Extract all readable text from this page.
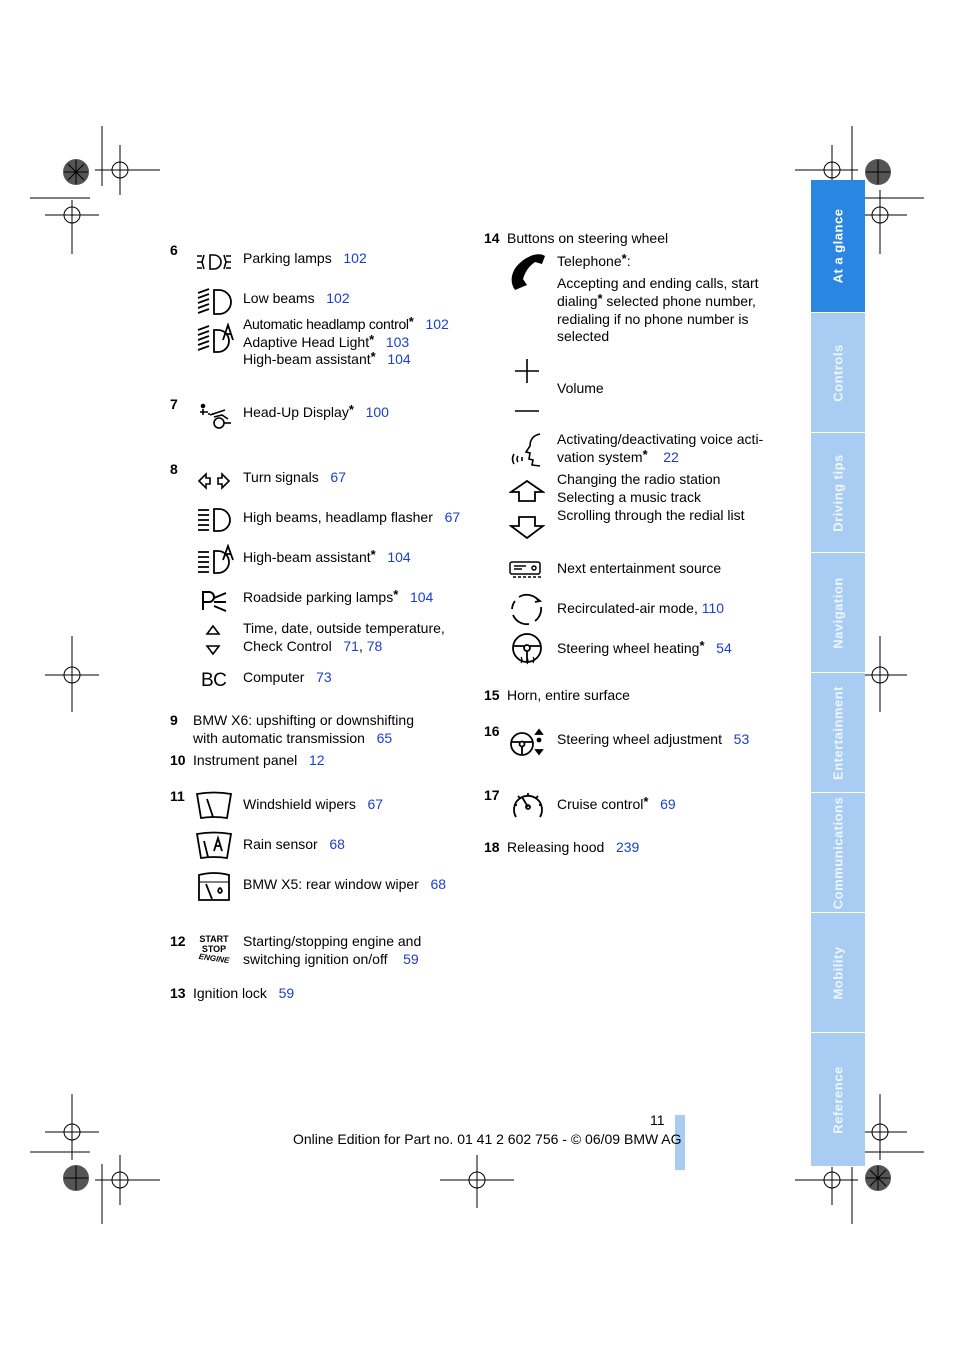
At a glance
Controls
Driving tips
Navigation
Entertainment
Communications
Mobility
Reference
6	Parking lamps 102
Low beams 102
Automatic headlamp control* 102
Adaptive Head Light* 103
High-beam assistant* 104
7	Head-Up Display* 100
8	Turn signals 67
High beams, headlamp flasher 67
High-beam assistant* 104
Roadside parking lamps* 104
Time, date, outside temperature,
Check Control 71, 78
BC Computer 73
9 BMW X6: upshifting or downshifting
with automatic transmission 65
10 Instrument panel 12
11	Windshield wipers 67
Rain sensor 68
BMW X5: rear window wiper 68
12	START
STOP
ENGINE
Starting/stopping engine and
switching ignition on/off 59
13 Ignition lock 59
14 Buttons on steering wheel
Telephone*:
Accepting and ending calls, start
dialing* selected phone number,
redialing if no phone number is
selected
Volume
Activating/deactivating voice acti-
vation system* 22
Changing the radio station
Selecting a music track
Scrolling through the redial list
Next entertainment source
Recirculated-air mode, 110
Steering wheel heating* 54
15 Horn, entire surface
16	Steering wheel adjustment 53
17
Cruise control* 69
18 Releasing hood 239
11
Online Edition for Part no. 01 41 2 602 756 - © 06/09 BMW AG
